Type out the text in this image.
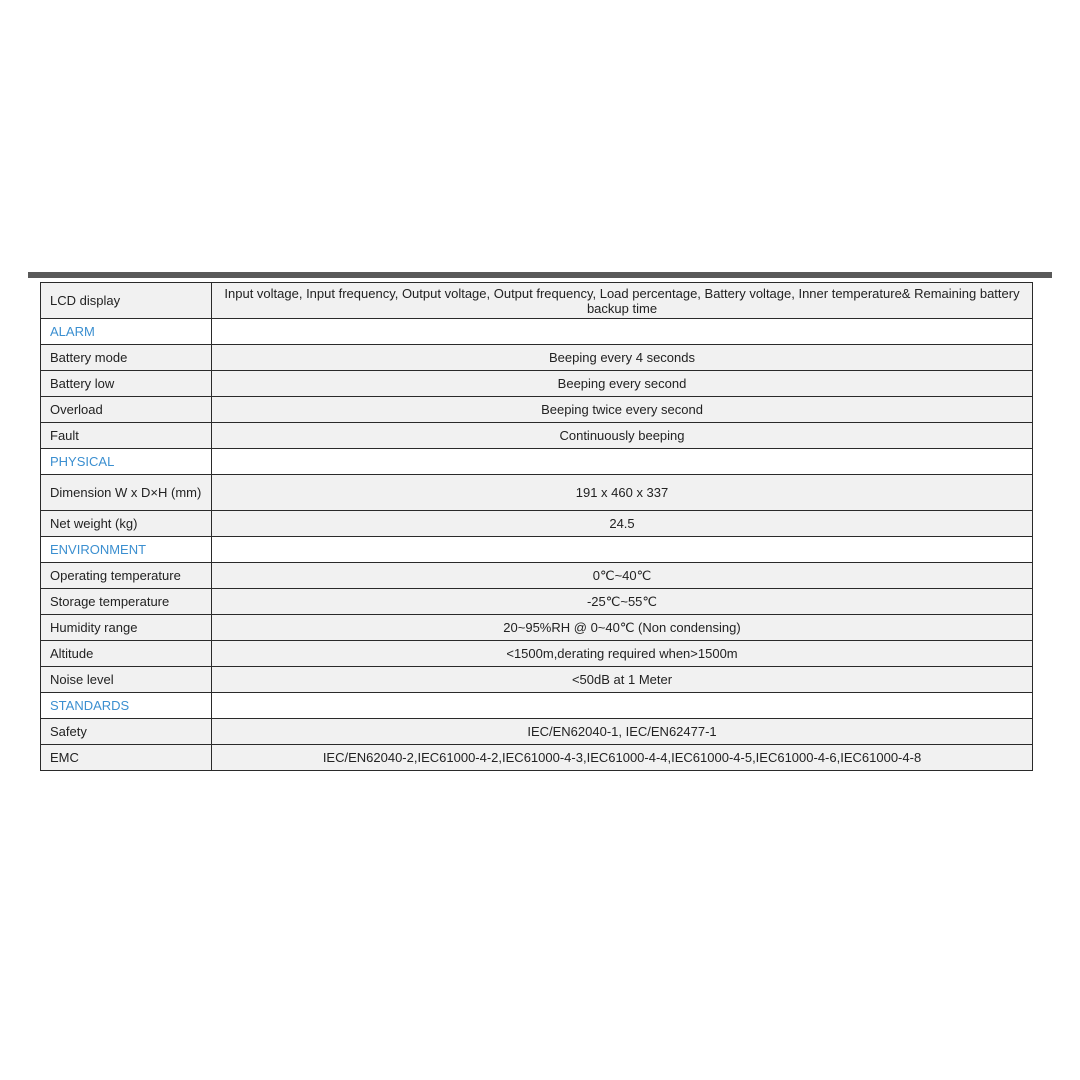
LCD display	Input voltage, Input frequency, Output voltage, Output frequency, Load percentage, Battery voltage, Inner temperature& Remaining battery backup time
ALARM	
Battery mode	Beeping every 4 seconds
Battery low	Beeping every second
Overload	Beeping twice every second
Fault	Continuously beeping
PHYSICAL	
Dimension W x D×H (mm)	191 x 460 x 337
Net weight (kg)	24.5
ENVIRONMENT	
Operating temperature	0℃~40℃
Storage temperature	-25℃~55℃
Humidity range	20~95%RH @ 0~40℃ (Non condensing)
Altitude	<1500m,derating required when>1500m
Noise level	<50dB at 1 Meter
STANDARDS	
Safety	IEC/EN62040-1, IEC/EN62477-1
EMC	IEC/EN62040-2,IEC61000-4-2,IEC61000-4-3,IEC61000-4-4,IEC61000-4-5,IEC61000-4-6,IEC61000-4-8
